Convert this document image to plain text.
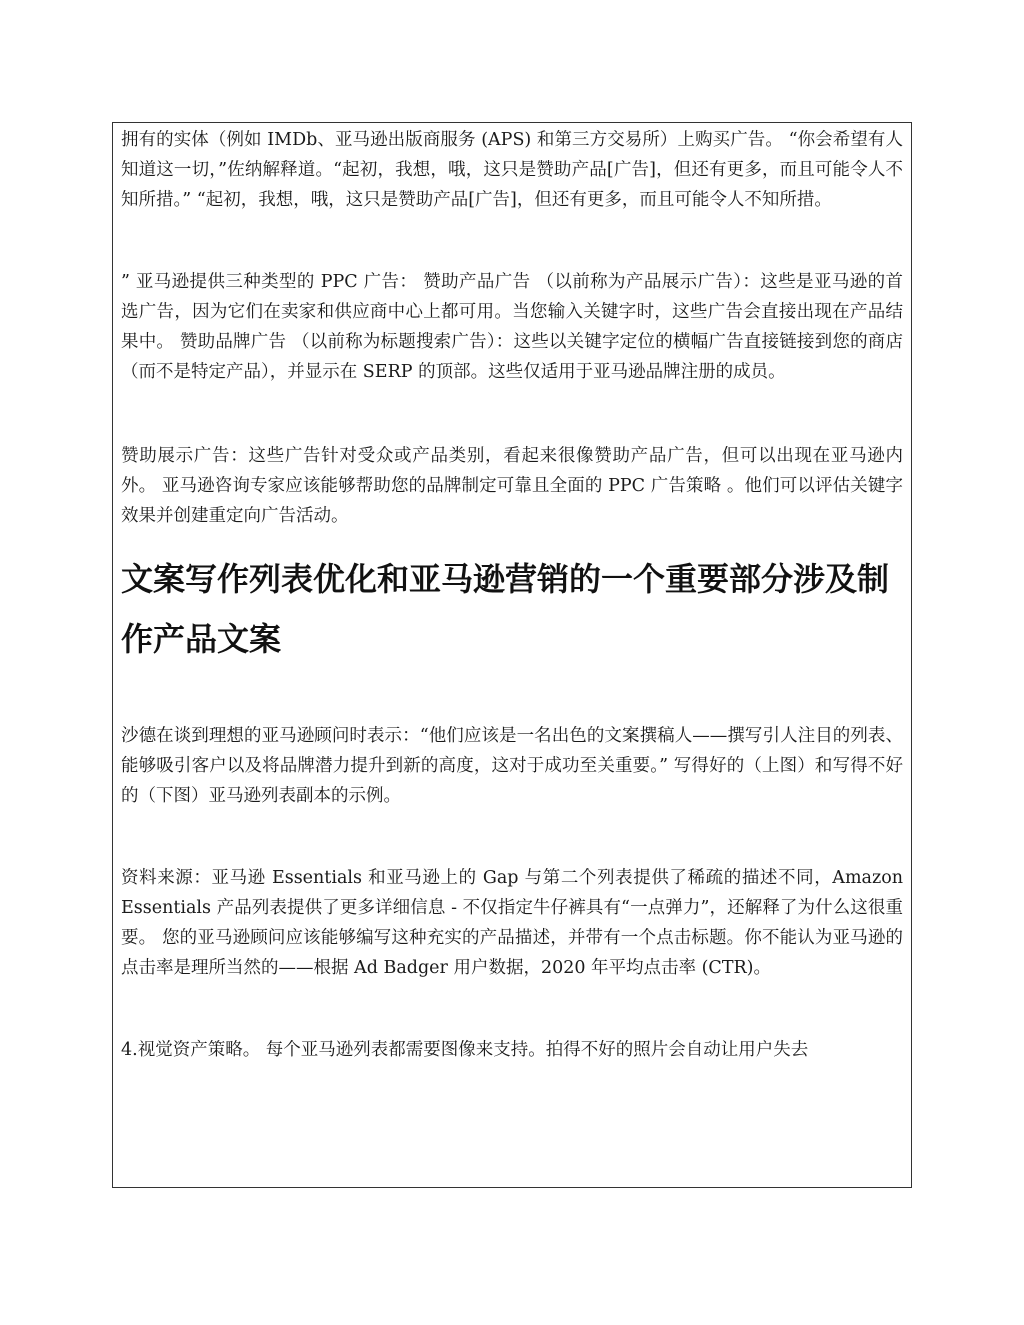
拥有的实体（例如 IMDb、亚马逊出版商服务 (APS) 和第三方交易所）上购买广告。 “你会希望有人知道这一切，”佐纳解释道。“起初，我想，哦，这只是赞助产品[广告]，但还有更多，而且可能令人不知所措。” “起初，我想，哦，这只是赞助产品[广告]，但还有更多，而且可能令人不知所措。

” 亚马逊提供三种类型的 PPC 广告： 赞助产品广告 （以前称为产品展示广告）：这些是亚马逊的首选广告，因为它们在卖家和供应商中心上都可用。当您输入关键字时，这些广告会直接出现在产品结果中。 赞助品牌广告 （以前称为标题搜索广告）：这些以关键字定位的横幅广告直接链接到您的商店（而不是特定产品），并显示在 SERP 的顶部。这些仅适用于亚马逊品牌注册的成员。

赞助展示广告：这些广告针对受众或产品类别，看起来很像赞助产品广告，但可以出现在亚马逊内外。 亚马逊咨询专家应该能够帮助您的品牌制定可靠且全面的 PPC 广告策略 。他们可以评估关键字效果并创建重定向广告活动。

文案写作列表优化和亚马逊营销的一个重要部分涉及制作产品文案

沙德在谈到理想的亚马逊顾问时表示：“他们应该是一名出色的文案撰稿人——撰写引人注目的列表、能够吸引客户以及将品牌潜力提升到新的高度，这对于成功至关重要。” 写得好的（上图）和写得不好的（下图）亚马逊列表副本的示例。

资料来源：亚马逊 Essentials 和亚马逊上的 Gap 与第二个列表提供了稀疏的描述不同，Amazon Essentials 产品列表提供了更多详细信息 - 不仅指定牛仔裤具有“一点弹力”，还解释了为什么这很重要。 您的亚马逊顾问应该能够编写这种充实的产品描述，并带有一个点击标题。你不能认为亚马逊的点击率是理所当然的——根据 Ad Badger 用户数据，2020 年平均点击率 (CTR)。

4.视觉资产策略。 每个亚马逊列表都需要图像来支持。拍得不好的照片会自动让用户失去
